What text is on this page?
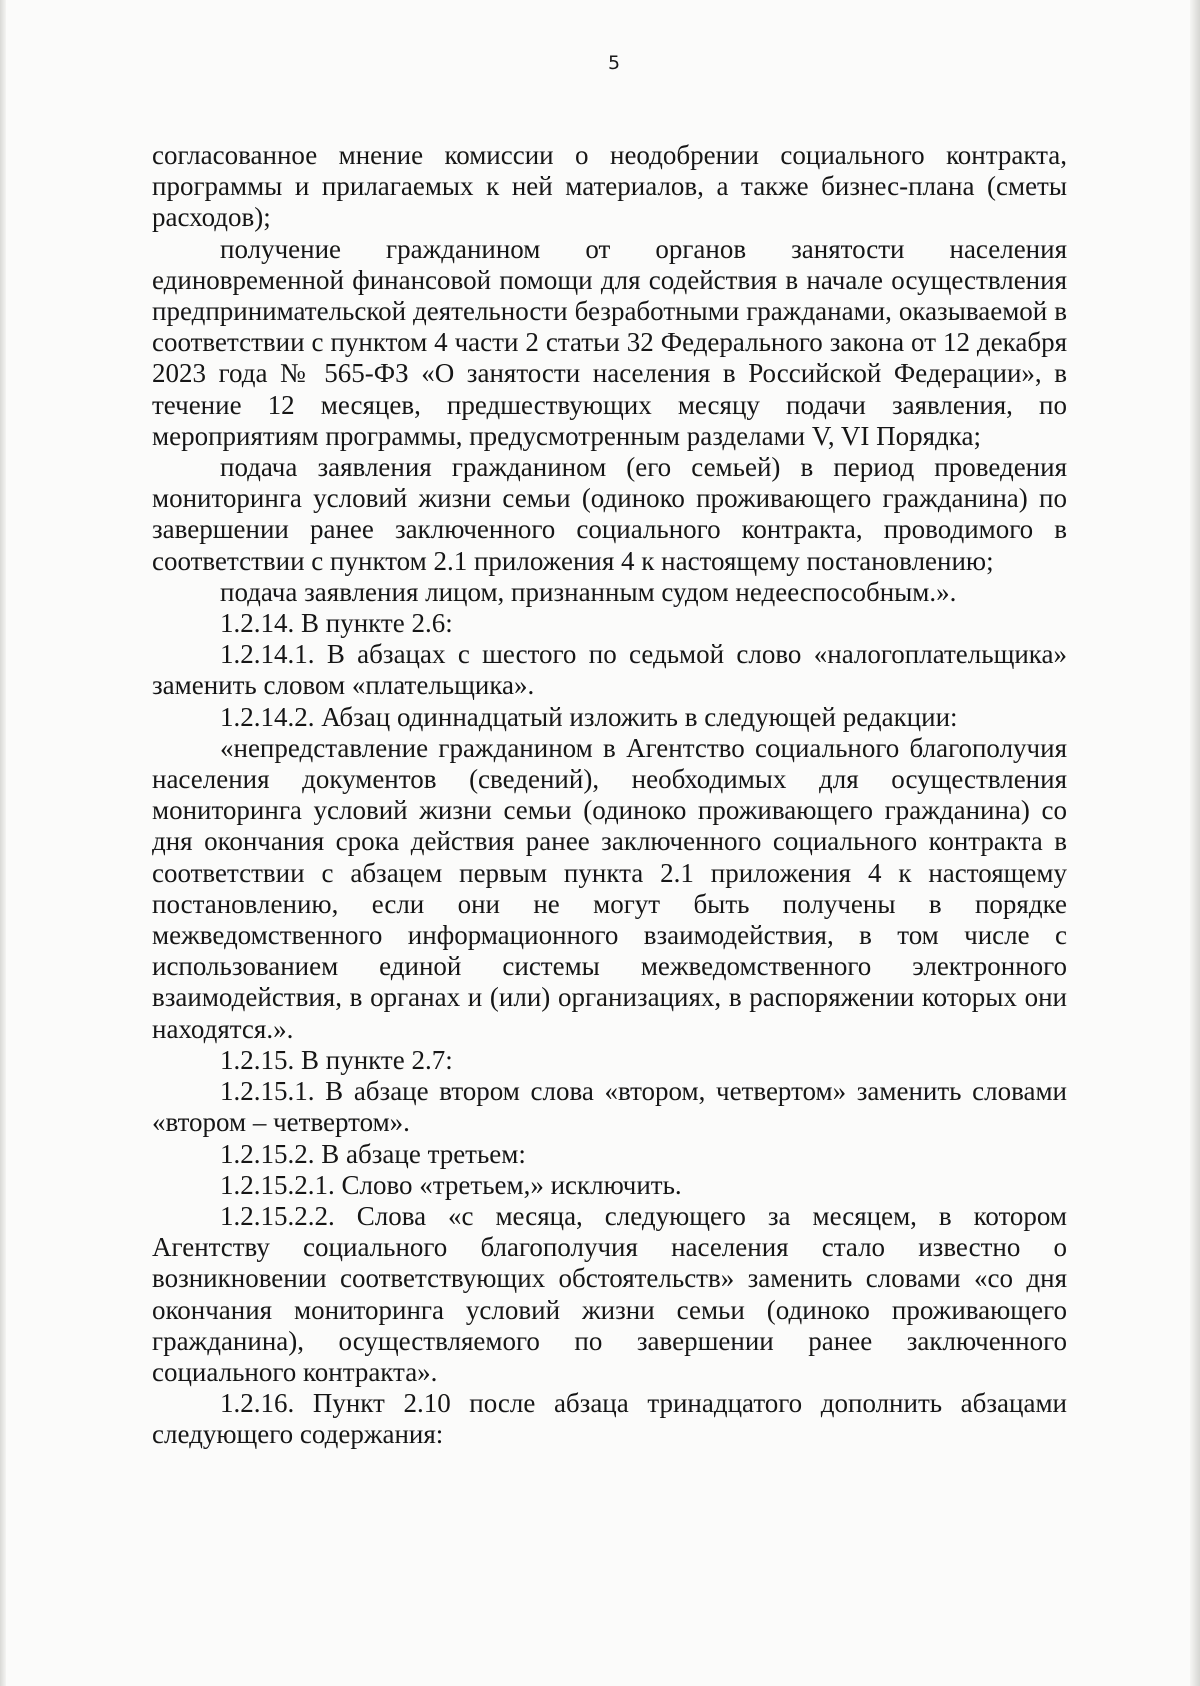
5

согласованное мнение комиссии о неодобрении социального контракта, программы и прилагаемых к ней материалов, а также бизнес-плана (сметы расходов);

получение гражданином от органов занятости населения единовременной финансовой помощи для содействия в начале осуществления предпринимательской деятельности безработными гражданами, оказываемой в соответствии с пунктом 4 части 2 статьи 32 Федерального закона от 12 декабря 2023 года № 565-ФЗ «О занятости населения в Российской Федерации», в течение 12 месяцев, предшествующих месяцу подачи заявления, по мероприятиям программы, предусмотренным разделами V, VI Порядка;

подача заявления гражданином (его семьей) в период проведения мониторинга условий жизни семьи (одиноко проживающего гражданина) по завершении ранее заключенного социального контракта, проводимого в соответствии с пунктом 2.1 приложения 4 к настоящему постановлению;

подача заявления лицом, признанным судом недееспособным.».

1.2.14. В пункте 2.6:

1.2.14.1. В абзацах с шестого по седьмой слово «налогоплательщика» заменить словом «плательщика».

1.2.14.2. Абзац одиннадцатый изложить в следующей редакции:

«непредставление гражданином в Агентство социального благополучия населения документов (сведений), необходимых для осуществления мониторинга условий жизни семьи (одиноко проживающего гражданина) со дня окончания срока действия ранее заключенного социального контракта в соответствии с абзацем первым пункта 2.1 приложения 4 к настоящему постановлению, если они не могут быть получены в порядке межведомственного информационного взаимодействия, в том числе с использованием единой системы межведомственного электронного взаимодействия, в органах и (или) организациях, в распоряжении которых они находятся.».

1.2.15. В пункте 2.7:

1.2.15.1. В абзаце втором слова «втором, четвертом» заменить словами «втором – четвертом».

1.2.15.2. В абзаце третьем:

1.2.15.2.1. Слово «третьем,» исключить.

1.2.15.2.2. Слова «с месяца, следующего за месяцем, в котором Агентству социального благополучия населения стало известно о возникновении соответствующих обстоятельств» заменить словами «со дня окончания мониторинга условий жизни семьи (одиноко проживающего гражданина), осуществляемого по завершении ранее заключенного социального контракта».

1.2.16. Пункт 2.10 после абзаца тринадцатого дополнить абзацами следующего содержания:
